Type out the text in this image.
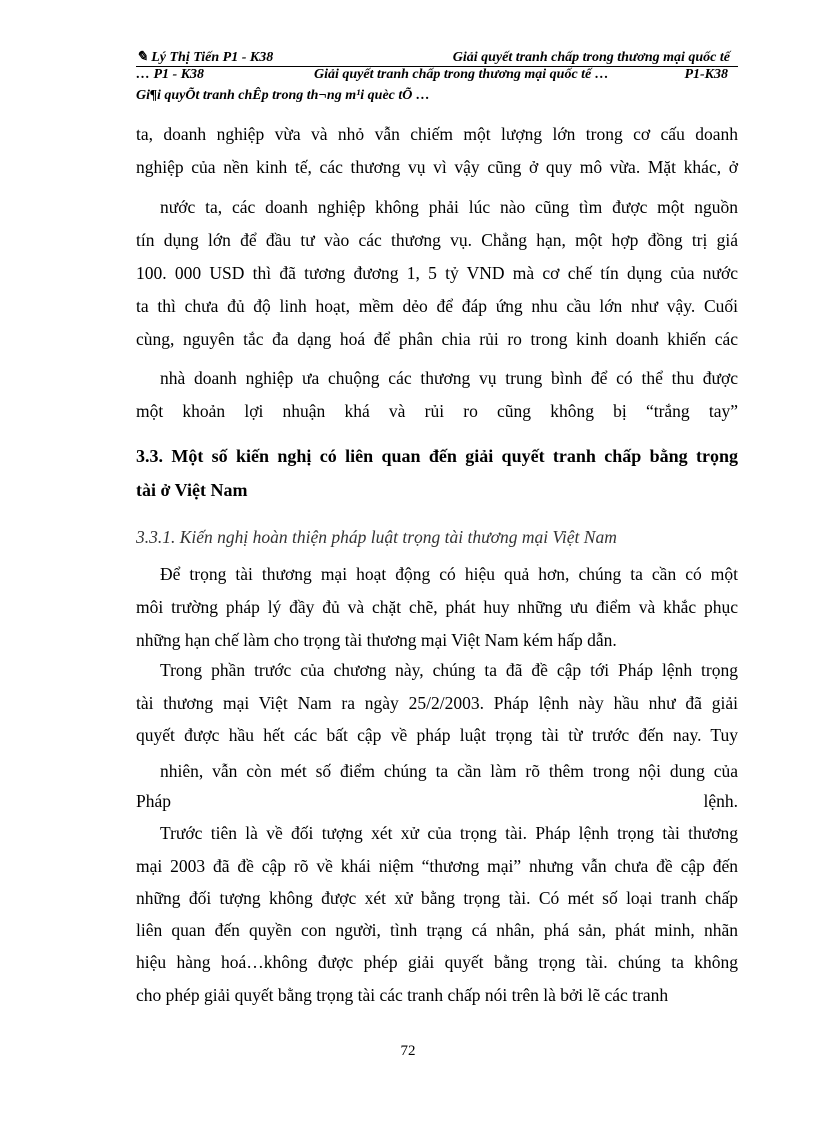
✎ Lý Thị Tiến P1 - K38	Giải quyết tranh chấp trong thương mại quốc tế
… P1 - K38	Giải quyết tranh chấp trong thương mại quốc tế …	P1-K38
Gi¶i quyÕt tranh chÊp trong th¬ng m¹i quèc tÕ …
ta, doanh nghiệp vừa và nhỏ vẫn chiếm một lượng lớn trong cơ cấu doanh
nghiệp của nền kinh tế, các thương vụ vì vậy cũng ở quy mô vừa. Mặt khác, ở
nước ta, các doanh nghiệp không phải lúc nào cũng tìm được một nguồn
tín dụng lớn để đầu tư vào các thương vụ. Chẳng hạn, một hợp đồng trị giá
100. 000 USD thì đã tương đương 1, 5 tỷ VND mà cơ chế tín dụng của nước
ta thì chưa đủ độ linh hoạt, mềm dẻo để đáp ứng nhu cầu lớn như vậy. Cuối
cùng, nguyên tắc đa dạng hoá để phân chia rủi ro trong kinh doanh khiến các
nhà doanh nghiệp ưa chuộng các thương vụ trung bình để có thể thu được
một khoản lợi nhuận khá và rủi ro cũng không bị “trắng tay”
3.3. Một số kiến nghị có liên quan đến giải quyết tranh chấp bằng trọng
tài ở Việt Nam
3.3.1. Kiến nghị hoàn thiện pháp luật trọng tài thương mại Việt Nam
Để trọng tài thương mại hoạt động có hiệu quả hơn, chúng ta cần có một
môi trường pháp lý đầy đủ và chặt chẽ, phát huy những ưu điểm và khắc phục
những hạn chế làm cho trọng tài thương mại Việt Nam kém hấp dẫn.
Trong phần trước của chương này, chúng ta đã đề cập tới Pháp lệnh trọng
tài thương mại Việt Nam ra ngày 25/2/2003. Pháp lệnh này hầu như đã giải
quyết được hầu hết các bất cập về pháp luật trọng tài từ trước đến nay. Tuy
nhiên, vẫn còn mét số điểm chúng ta cần làm rõ thêm trong nội dung của
Pháp	lệnh.
Trước tiên là về đối tượng xét xử của trọng tài. Pháp lệnh trọng tài thương
mại 2003 đã đề cập rõ về khái niệm “thương mại” nhưng vẫn chưa đề cập đến
những đối tượng không được xét xử bằng trọng tài. Có mét số loại tranh chấp
liên quan đến quyền con người, tình trạng cá nhân, phá sản, phát minh, nhãn
hiệu hàng hoá…không được phép giải quyết bằng trọng tài. chúng ta không
cho phép giải quyết bằng trọng tài các tranh chấp nói trên là bởi lẽ các tranh
72
